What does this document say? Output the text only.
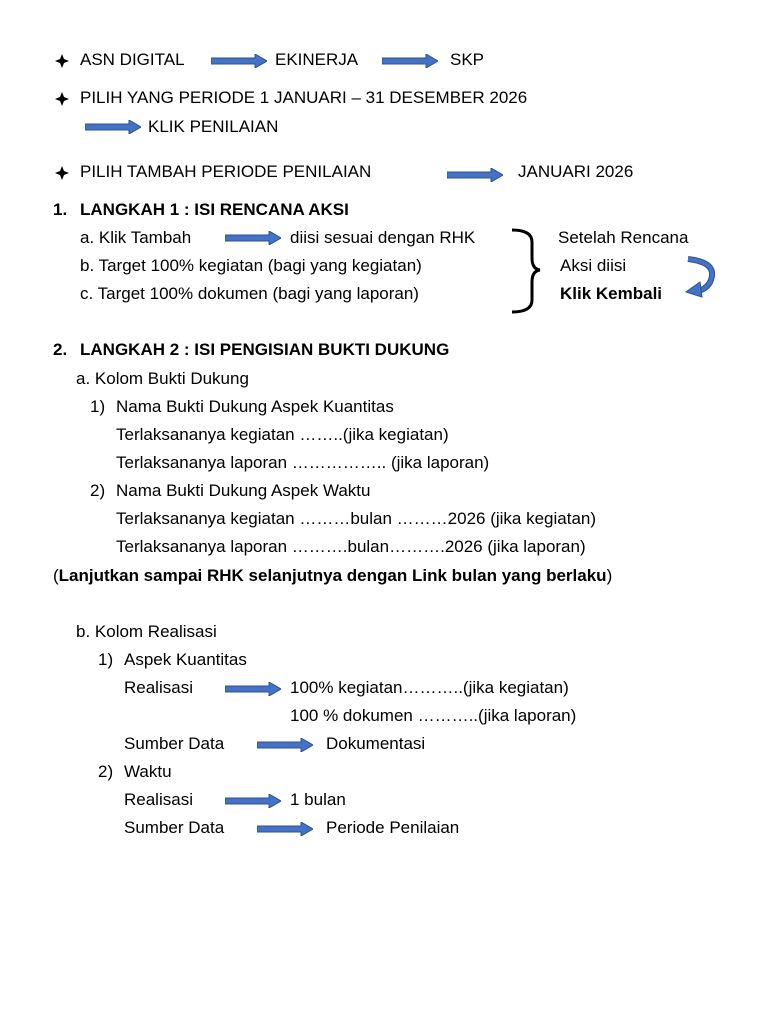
ASN DIGITAL	EKINERJA	SKP
PILIH YANG PERIODE 1 JANUARI – 31 DESEMBER 2026
KLIK PENILAIAN
PILIH TAMBAH PERIODE PENILAIAN	JANUARI 2026
1. LANGKAH 1 : ISI RENCANA AKSI
a. Klik Tambah	diisi sesuai dengan RHK
b. Target 100% kegiatan (bagi yang kegiatan)
c. Target 100% dokumen (bagi yang laporan)
Setelah Rencana
Aksi diisi
Klik Kembali
2. LANGKAH 2 : ISI PENGISIAN BUKTI DUKUNG
a. Kolom Bukti Dukung
1) Nama Bukti Dukung Aspek Kuantitas
Terlaksananya kegiatan ……..(jika kegiatan)
Terlaksananya laporan …………….. (jika laporan)
2) Nama Bukti Dukung Aspek Waktu
Terlaksananya kegiatan ………bulan ………2026 (jika kegiatan)
Terlaksananya laporan ……….bulan……….2026 (jika laporan)
(Lanjutkan sampai RHK selanjutnya dengan Link bulan yang berlaku)
b. Kolom Realisasi
1) Aspek Kuantitas
Realisasi	100% kegiatan………..(jika kegiatan)
100 % dokumen ………..(jika laporan)
Sumber Data	Dokumentasi
2) Waktu
Realisasi	1 bulan
Sumber Data	Periode Penilaian
